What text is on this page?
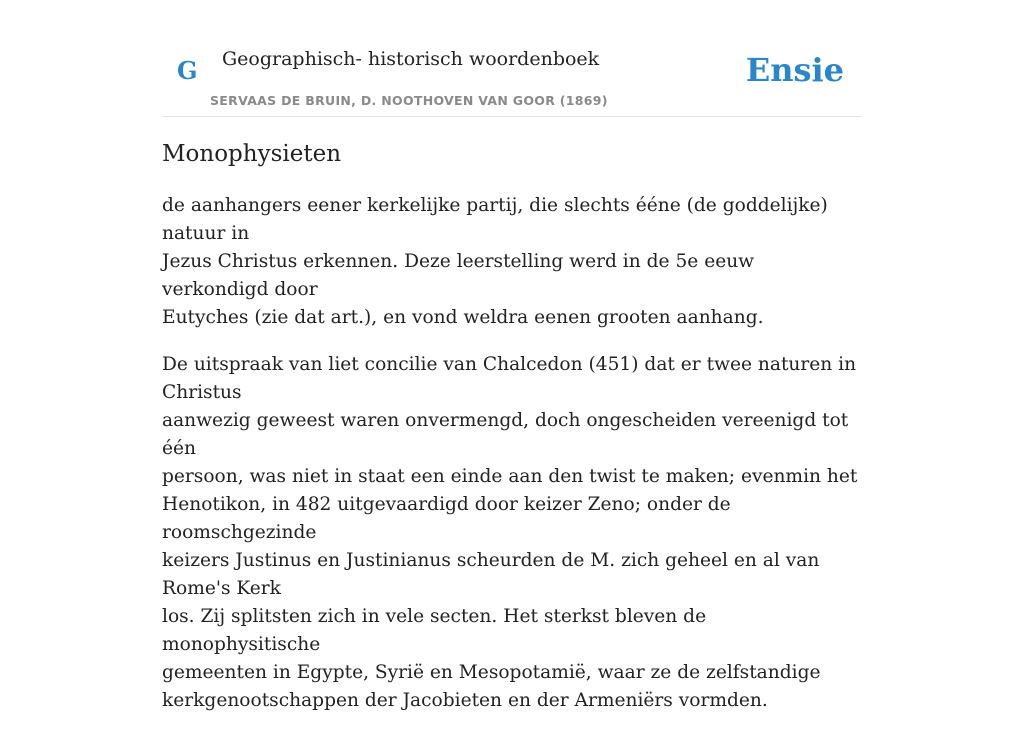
G Geographisch- historisch woordenboek
SERVAAS DE BRUIN, D. NOOTHOVEN VAN GOOR (1869)
Ensie
Monophysieten

de aanhangers eener kerkelijke partij, die slechts ééne (de goddelijke) natuur in
Jezus Christus erkennen. Deze leerstelling werd in de 5e eeuw verkondigd door
Eutyches (zie dat art.), en vond weldra eenen grooten aanhang.

De uitspraak van liet concilie van Chalcedon (451) dat er twee naturen in Christus
aanwezig geweest waren onvermengd, doch ongescheiden vereenigd tot één
persoon, was niet in staat een einde aan den twist te maken; evenmin het
Henotikon, in 482 uitgevaardigd door keizer Zeno; onder de roomschgezinde
keizers Justinus en Justinianus scheurden de M. zich geheel en al van Rome's Kerk
los. Zij splitsten zich in vele secten. Het sterkst bleven de monophysitische
gemeenten in Egypte, Syrië en Mesopotamië, waar ze de zelfstandige
kerkgenootschappen der Jacobieten en der Armeniërs vormden.
